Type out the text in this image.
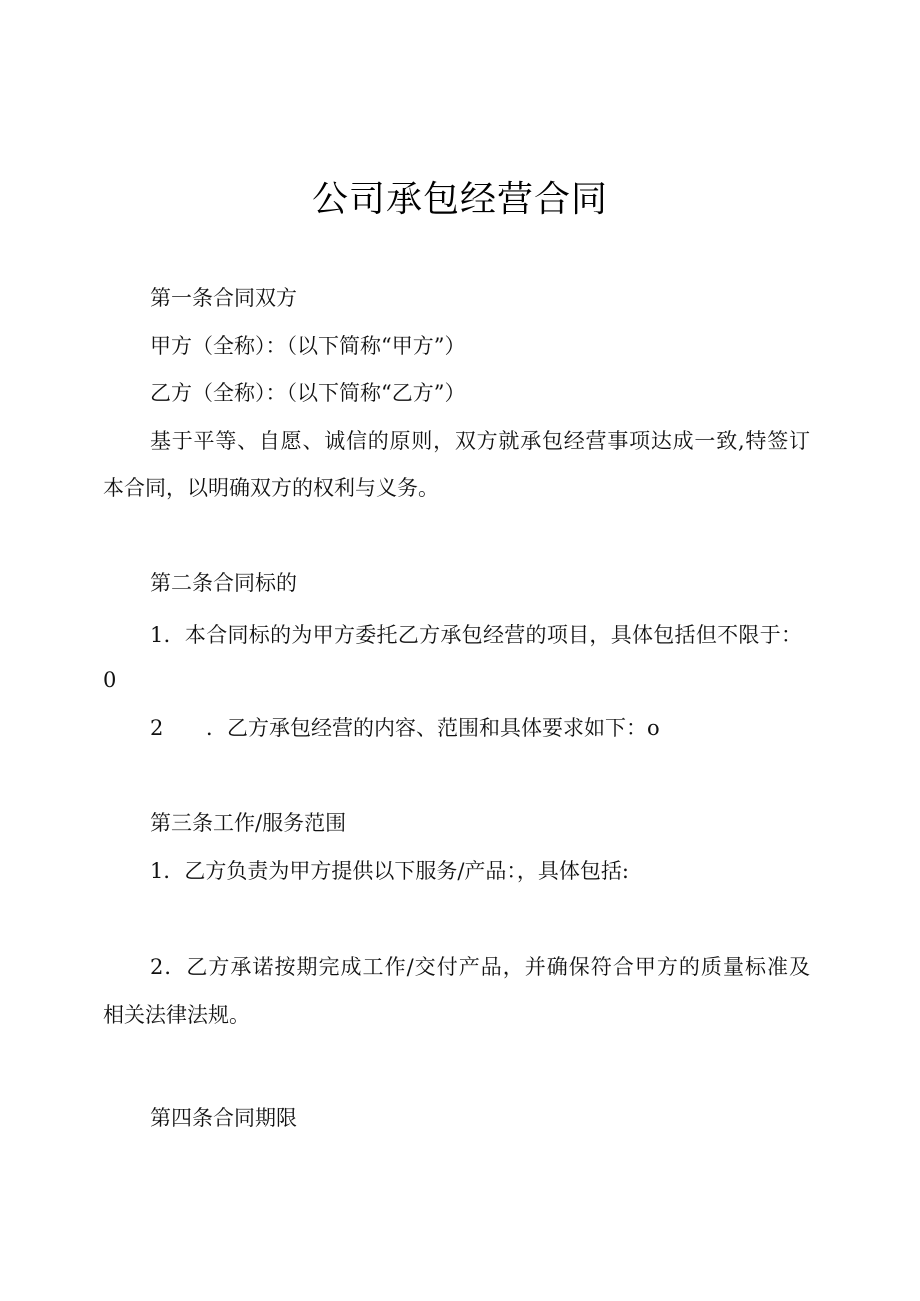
公司承包经营合同
第一条合同双方
甲方（全称）：（以下简称“甲方”）
乙方（全称）：（以下简称“乙方”）
基于平等、自愿、诚信的原则，双方就承包经营事项达成一致,特签订
本合同，以明确双方的权利与义务。
第二条合同标的
1．本合同标的为甲方委托乙方承包经营的项目，具体包括但不限于：
0
2 ．乙方承包经营的内容、范围和具体要求如下：o
第三条工作/服务范围
1．乙方负责为甲方提供以下服务/产品：，具体包括:
2．乙方承诺按期完成工作/交付产品，并确保符合甲方的质量标准及
相关法律法规。
第四条合同期限
